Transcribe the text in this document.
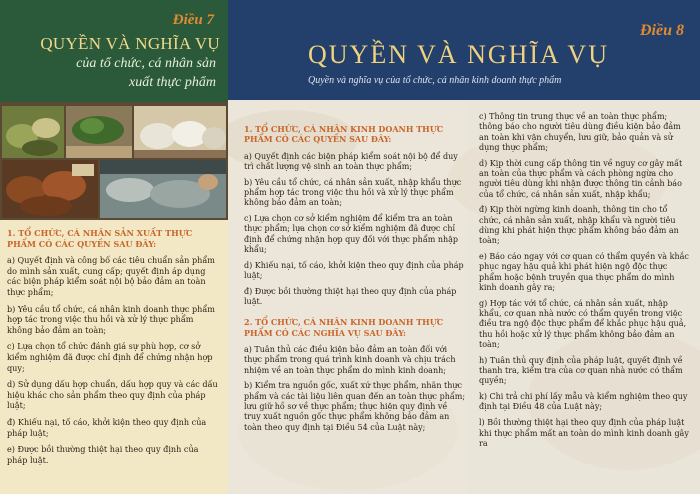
Điều 7
QUYỀN VÀ NGHĨA VỤ
của tổ chức, cá nhân sản
xuất thực phẩm
1. TỔ CHỨC, CÁ NHÂN SẢN XUẤT THỰC PHẨM CÓ CÁC QUYỀN SAU ĐÂY:

a) Quyết định và công bố các tiêu chuẩn sản phẩm do mình sản xuất, cung cấp; quyết định áp dụng các biện pháp kiểm soát nội bộ bảo đảm an toàn thực phẩm;

b) Yêu cầu tổ chức, cá nhân kinh doanh thực phẩm hợp tác trong việc thu hồi và xử lý thực phẩm không bảo đảm an toàn;

c) Lựa chọn tổ chức đánh giá sự phù hợp, cơ sở kiểm nghiệm đã được chỉ định để chứng nhận hợp quy;

d) Sử dụng dấu hợp chuẩn, dấu hợp quy và các dấu hiệu khác cho sản phẩm theo quy định của pháp luật;

đ) Khiếu nại, tố cáo, khởi kiện theo quy định của pháp luật;

e) Được bồi thường thiệt hại theo quy định của pháp luật.

Điều 8
QUYỀN VÀ NGHĨA VỤ
Quyền và nghĩa vụ của tổ chức, cá nhân kinh doanh thực phẩm
1. TỔ CHỨC, CÁ NHÂN KINH DOANH THỰC PHẨM CÓ CÁC QUYỀN SAU ĐÂY:

a) Quyết định các biện pháp kiểm soát nội bộ để duy trì chất lượng vệ sinh an toàn thực phẩm;

b) Yêu cầu tổ chức, cá nhân sản xuất, nhập khẩu thực phẩm hợp tác trong việc thu hồi và xử lý thực phẩm không bảo đảm an toàn;

c) Lựa chọn cơ sở kiểm nghiệm để kiểm tra an toàn thực phẩm; lựa chọn cơ sở kiểm nghiệm đã được chỉ định để chứng nhận hợp quy đối với thực phẩm nhập khẩu;

d) Khiếu nại, tố cáo, khởi kiện theo quy định của pháp luật;

đ) Được bồi thường thiệt hại theo quy định của pháp luật.

2. TỔ CHỨC, CÁ NHÂN KINH DOANH THỰC PHẨM CÓ CÁC NGHĨA VỤ SAU ĐÂY:

a) Tuân thủ các điều kiện bảo đảm an toàn đối với thực phẩm trong quá trình kinh doanh và chịu trách nhiệm về an toàn thực phẩm do mình kinh doanh;

b) Kiểm tra nguồn gốc, xuất xứ thực phẩm, nhãn thực phẩm và các tài liệu liên quan đến an toàn thực phẩm; lưu giữ hồ sơ về thực phẩm; thực hiện quy định về truy xuất nguồn gốc thực phẩm không bảo đảm an toàn theo quy định tại Điều 54 của Luật này;

c) Thông tin trung thực về an toàn thực phẩm; thông báo cho người tiêu dùng điều kiện bảo đảm an toàn khi vận chuyển, lưu giữ, bảo quản và sử dụng thực phẩm;

d) Kịp thời cung cấp thông tin về nguy cơ gây mất an toàn của thực phẩm và cách phòng ngừa cho người tiêu dùng khi nhận được thông tin cảnh báo của tổ chức, cá nhân sản xuất, nhập khẩu;

đ) Kịp thời ngừng kinh doanh, thông tin cho tổ chức, cá nhân sản xuất, nhập khẩu và người tiêu dùng khi phát hiện thực phẩm không bảo đảm an toàn;

e) Báo cáo ngay với cơ quan có thẩm quyền và khắc phục ngay hậu quả khi phát hiện ngộ độc thực phẩm hoặc bệnh truyền qua thực phẩm do mình kinh doanh gây ra;

g) Hợp tác với tổ chức, cá nhân sản xuất, nhập khẩu, cơ quan nhà nước có thẩm quyền trong việc điều tra ngộ độc thực phẩm để khắc phục hậu quả, thu hồi hoặc xử lý thực phẩm không bảo đảm an toàn;

h) Tuân thủ quy định của pháp luật, quyết định về thanh tra, kiểm tra của cơ quan nhà nước có thẩm quyền;

k) Chi trả chi phí lấy mẫu và kiểm nghiệm theo quy định tại Điều 48 của Luật này;

l) Bồi thường thiệt hại theo quy định của pháp luật khi thực phẩm mất an toàn do mình kinh doanh gây ra
